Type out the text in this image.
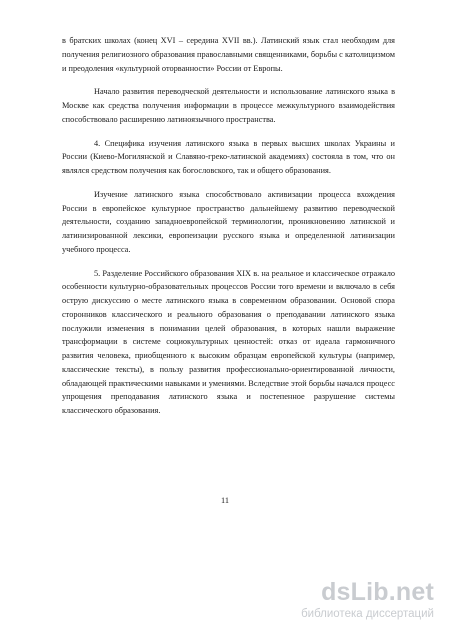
в братских школах (конец XVI – середина XVII вв.). Латинский язык стал необходим для получения религиозного образования православными священниками, борьбы с католицизмом и преодоления «культурной оторванности» России от Европы.

Начало развития переводческой деятельности и использование латинского языка в Москве как средства получения информации в процессе межкультурного взаимодействия способствовало расширению латиноязычного пространства.

4. Специфика изучения латинского языка в первых высших школах Украины и России (Киево-Могилянской и Славяно-греко-латинской академиях) состояла в том, что он являлся средством получения как богословского, так и общего образования.

Изучение латинского языка способствовало активизации процесса вхождения России в европейское культурное пространство дальнейшему развитию переводческой деятельности, созданию западноевропейской терминологии, проникновению латинской и латинизированной лексики, европеизации русского языка и определенной латинизации учебного процесса.

5. Разделение Российского образования XIX в. на реальное и классическое отражало особенности культурно-образовательных процессов России того времени и включало в себя острую дискуссию о месте латинского языка в современном образовании. Основой спора сторонников классического и реального образования о преподавании латинского языка послужили изменения в понимании целей образования, в которых нашли выражение трансформации в системе социокультурных ценностей: отказ от идеала гармоничного развития человека, приобщенного к высоким образцам европейской культуры (например, классические тексты), в пользу развития профессионально-ориентированной личности, обладающей практическими навыками и умениями. Вследствие этой борьбы начался процесс упрощения преподавания латинского языка и постепенное разрушение системы классического образования.

11
dsLib.net
библиотека диссертаций
